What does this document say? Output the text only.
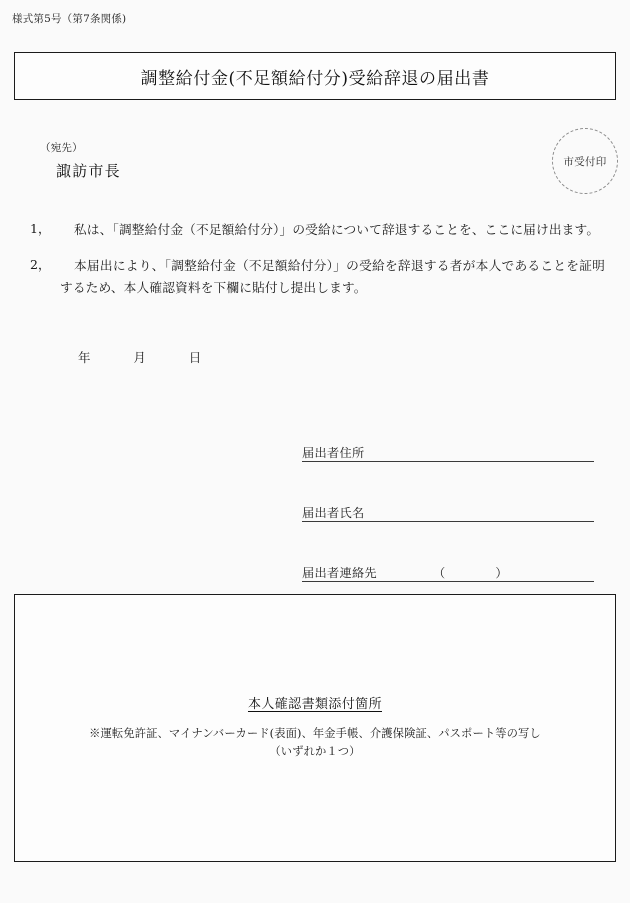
様式第5号（第7条関係)
調整給付金(不足額給付分)受給辞退の届出書
（宛先）
諏訪市長
市受付印
1，	私は、「調整給付金（不足額給付分）」の受給について辞退することを、ここに届け出ます。
2，	本届出により、「調整給付金（不足額給付分）」の受給を辞退する者が本人であることを証明するため、本人確認資料を下欄に貼付し提出します。
年	月	日
届出者住所
届出者氏名
届出者連絡先	（　　　　）
本人確認書類添付箇所
※運転免許証、マイナンバーカード(表面)、年金手帳、介護保険証、パスポート等の写し
（いずれか１つ）
